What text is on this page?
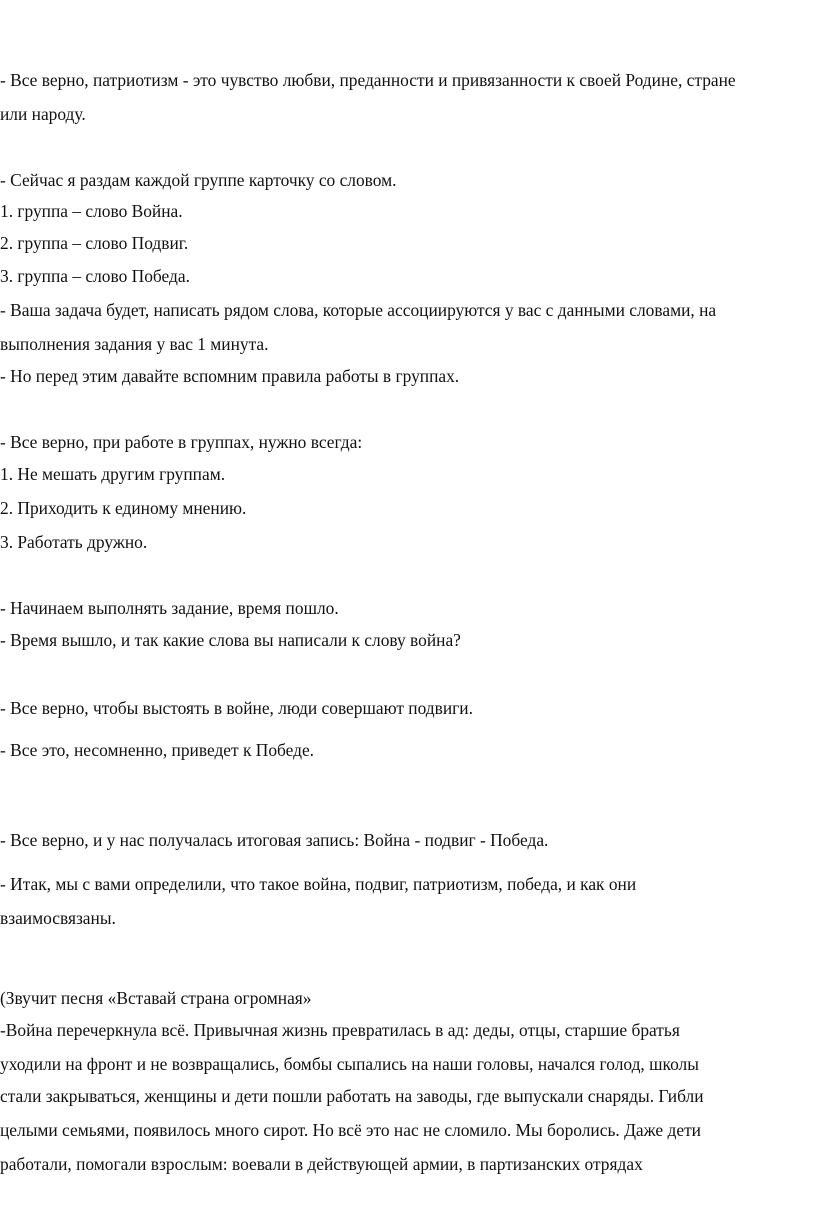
- Все верно, патриотизм - это чувство любви, преданности и привязанности к своей Родине, стране
или народу.
- Сейчас я раздам каждой группе карточку со словом.
1. группа – слово Война.
2. группа – слово Подвиг.
3. группа – слово Победа.
- Ваша задача будет, написать рядом слова, которые ассоциируются у вас с данными словами, на
выполнения задания у вас 1 минута.
- Но перед этим давайте вспомним правила работы в группах.
- Все верно, при работе в группах, нужно всегда:
1. Не мешать другим группам.
2. Приходить к единому мнению.
3. Работать дружно.
- Начинаем выполнять задание, время пошло.
- Время вышло, и так какие слова вы написали к слову война?
- Все верно, чтобы выстоять в войне, люди совершают подвиги.
- Все это, несомненно, приведет к Победе.
- Все верно, и у нас получалась итоговая запись: Война - подвиг - Победа.
- Итак, мы с вами определили, что такое война, подвиг, патриотизм, победа, и как они
взаимосвязаны.
(Звучит песня «Вставай страна огромная»
-Война перечеркнула всё. Привычная жизнь превратилась в ад: деды, отцы, старшие братья
уходили на фронт и не возвращались, бомбы сыпались на наши головы, начался голод, школы
стали закрываться, женщины и дети пошли работать на заводы, где выпускали снаряды. Гибли
целыми семьями, появилось много сирот. Но всё это нас не сломило. Мы боролись. Даже дети
работали, помогали взрослым: воевали в действующей армии, в партизанских отрядах
